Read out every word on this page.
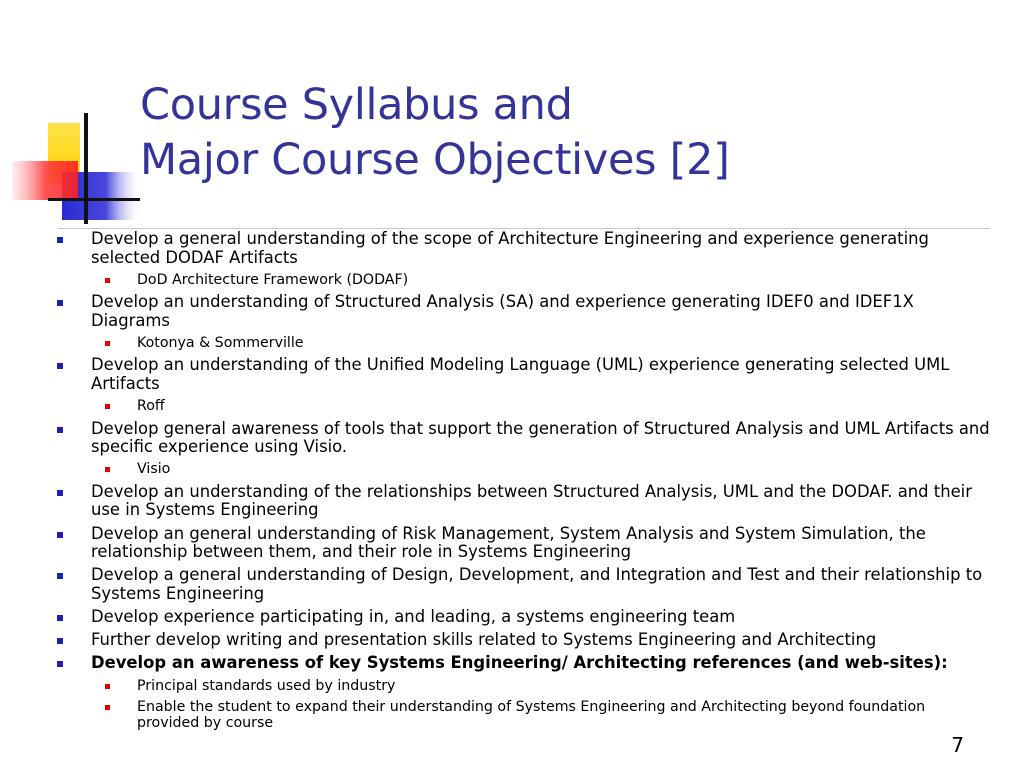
Course Syllabus and
Major Course Objectives [2]
Develop a general understanding of the scope of Architecture Engineering and experience generating selected DODAF Artifacts
DoD Architecture Framework (DODAF)
Develop an understanding of Structured Analysis (SA) and experience generating IDEF0 and IDEF1X Diagrams
Kotonya & Sommerville
Develop an understanding of the Unified Modeling Language (UML) experience generating selected UML Artifacts
Roff
Develop general awareness of tools that support the generation of Structured Analysis and UML Artifacts and specific experience using Visio.
Visio
Develop an understanding of the relationships between Structured Analysis, UML and the DODAF. and their use in Systems Engineering
Develop an general understanding of Risk Management, System Analysis and System Simulation, the relationship between them, and their role in Systems Engineering
Develop a general understanding of Design, Development, and Integration and Test and their relationship to Systems Engineering
Develop experience participating in, and leading, a systems engineering team
Further develop writing and presentation skills related to Systems Engineering and Architecting
Develop an awareness of key Systems Engineering/ Architecting references (and web-sites):
Principal standards used by industry
Enable the student to expand their understanding of Systems Engineering and Architecting beyond foundation provided by course
7
